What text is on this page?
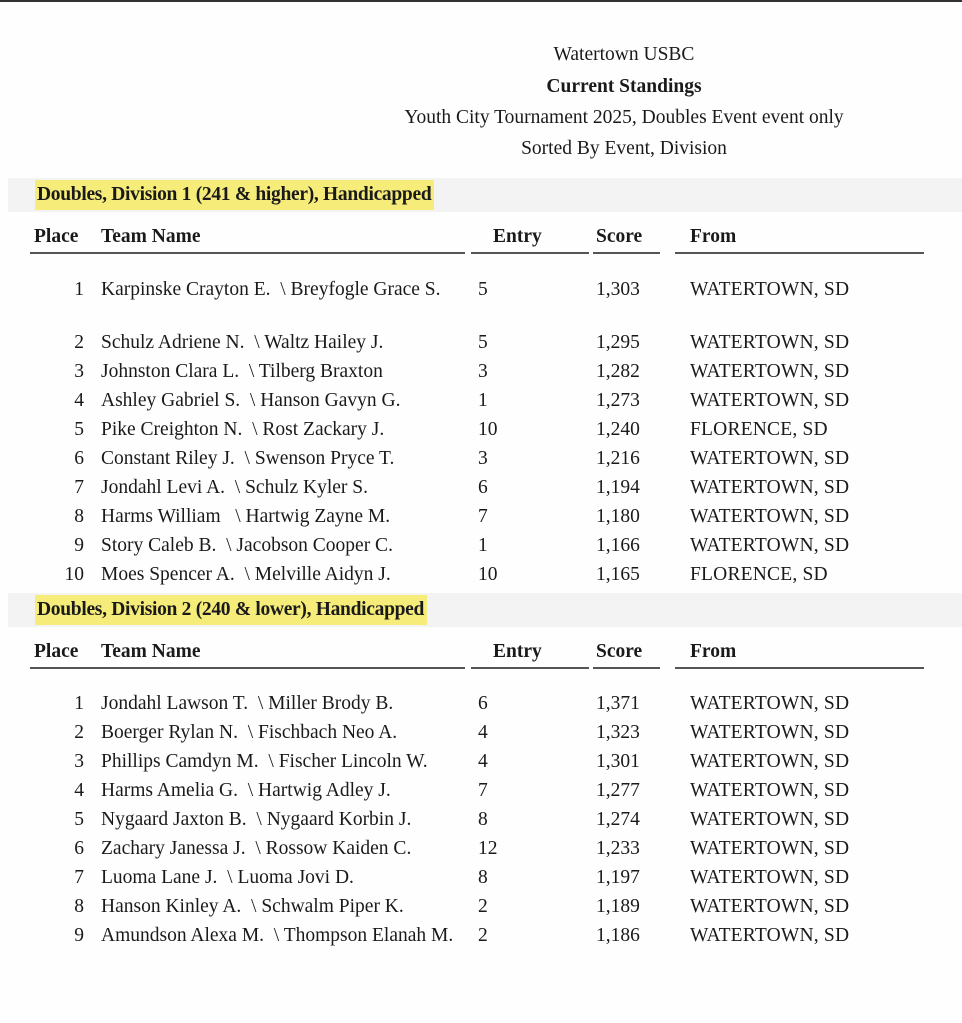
Watertown USBC
Current Standings
Youth City Tournament 2025, Doubles Event event only
Sorted By Event, Division
Doubles, Division 1 (241 & higher), Handicapped
Place Team Name	Entry	Score From
1 Karpinske Crayton E.  \ Breyfogle Grace S.	5	1,303	WATERTOWN, SD
2 Schulz Adriene N.  \ Waltz Hailey J.	5	1,295	WATERTOWN, SD
3 Johnston Clara L.  \ Tilberg Braxton	3	1,282	WATERTOWN, SD
4 Ashley Gabriel S.  \ Hanson Gavyn G.	1	1,273	WATERTOWN, SD
5 Pike Creighton N.  \ Rost Zackary J.	10	1,240	FLORENCE, SD
6 Constant Riley J.  \ Swenson Pryce T.	3	1,216	WATERTOWN, SD
7 Jondahl Levi A.  \ Schulz Kyler S.	6	1,194	WATERTOWN, SD
8 Harms William   \ Hartwig Zayne M.	7	1,180	WATERTOWN, SD
9 Story Caleb B.  \ Jacobson Cooper C.	1	1,166	WATERTOWN, SD
10 Moes Spencer A.  \ Melville Aidyn J.	10	1,165	FLORENCE, SD
Doubles, Division 2 (240 & lower), Handicapped
Place Team Name	Entry	Score From
1 Jondahl Lawson T.  \ Miller Brody B.	6	1,371	WATERTOWN, SD
2 Boerger Rylan N.  \ Fischbach Neo A.	4	1,323	WATERTOWN, SD
3 Phillips Camdyn M.  \ Fischer Lincoln W.	4	1,301	WATERTOWN, SD
4 Harms Amelia G.  \ Hartwig Adley J.	7	1,277	WATERTOWN, SD
5 Nygaard Jaxton B.  \ Nygaard Korbin J.	8	1,274	WATERTOWN, SD
6 Zachary Janessa J.  \ Rossow Kaiden C.	12	1,233	WATERTOWN, SD
7 Luoma Lane J.  \ Luoma Jovi D.	8	1,197	WATERTOWN, SD
8 Hanson Kinley A.  \ Schwalm Piper K.	2	1,189	WATERTOWN, SD
9 Amundson Alexa M.  \ Thompson Elanah M.	2	1,186	WATERTOWN, SD
